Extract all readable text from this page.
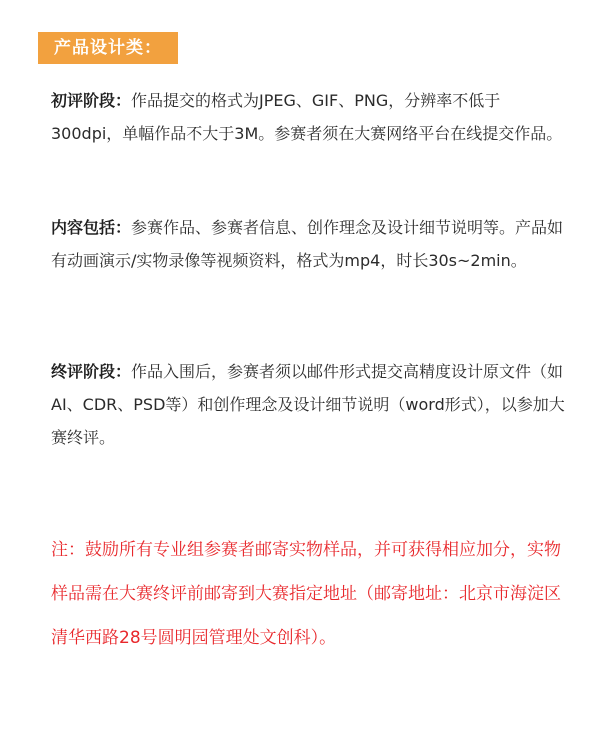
产品设计类：

初评阶段：作品提交的格式为JPEG、GIF、PNG，分辨率不低于300dpi，单幅作品不大于3M。参赛者须在大赛网络平台在线提交作品。

内容包括：参赛作品、参赛者信息、创作理念及设计细节说明等。产品如有动画演示/实物录像等视频资料，格式为mp4，时长30s~2min。

终评阶段：作品入围后，参赛者须以邮件形式提交高精度设计原文件（如AI、CDR、PSD等）和创作理念及设计细节说明（word形式），以参加大赛终评。

注：鼓励所有专业组参赛者邮寄实物样品，并可获得相应加分，实物样品需在大赛终评前邮寄到大赛指定地址（邮寄地址：北京市海淀区清华西路28号圆明园管理处文创科）。
